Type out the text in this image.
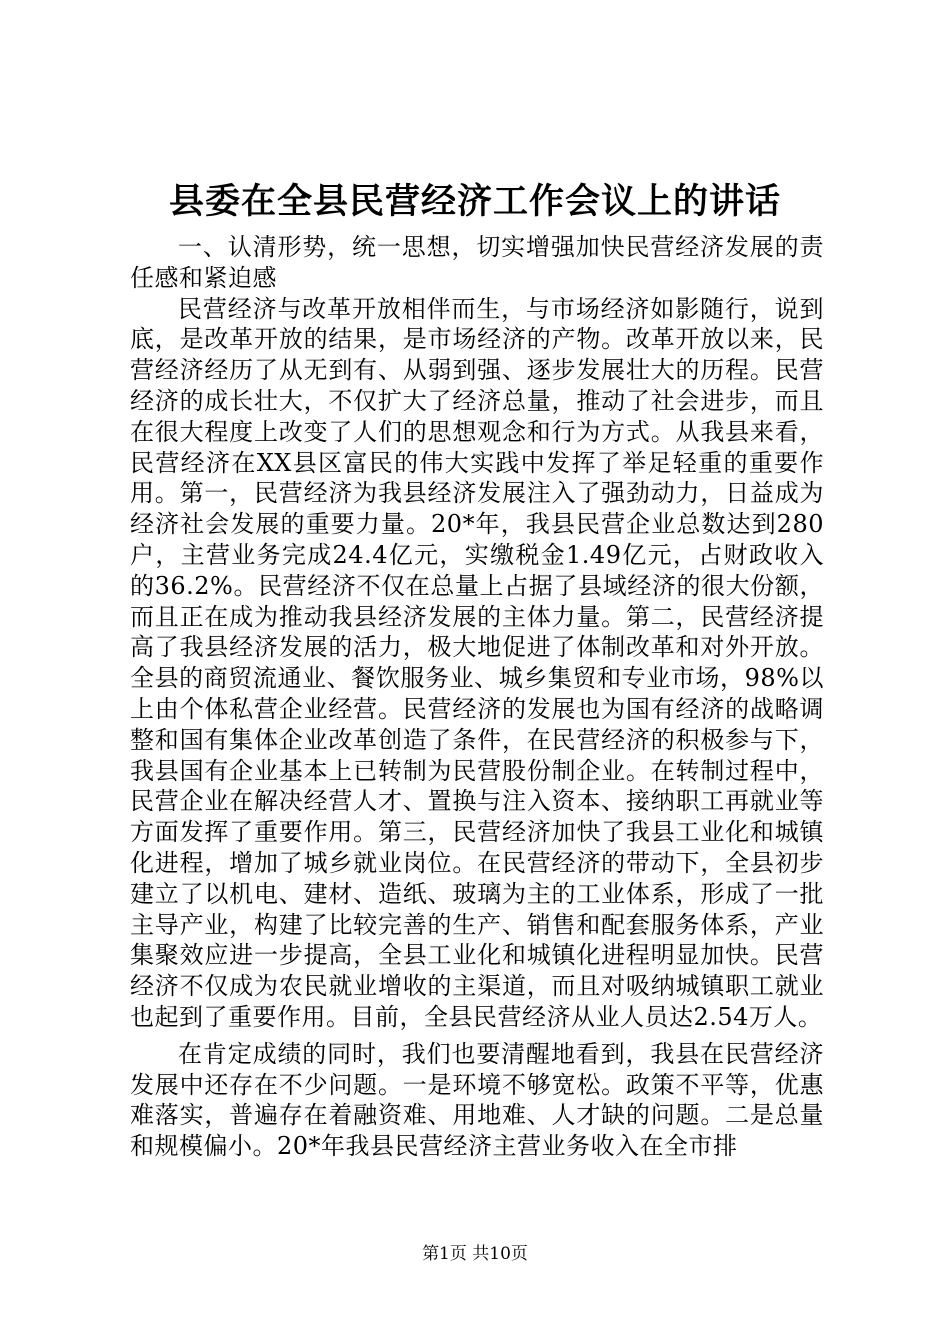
县委在全县民营经济工作会议上的讲话

一、认清形势，统一思想，切实增强加快民营经济发展的责任感和紧迫感

民营经济与改革开放相伴而生，与市场经济如影随行，说到底，是改革开放的结果，是市场经济的产物。改革开放以来，民营经济经历了从无到有、从弱到强、逐步发展壮大的历程。民营经济的成长壮大，不仅扩大了经济总量，推动了社会进步，而且在很大程度上改变了人们的思想观念和行为方式。从我县来看，民营经济在XX县区富民的伟大实践中发挥了举足轻重的重要作用。第一，民营经济为我县经济发展注入了强劲动力，日益成为经济社会发展的重要力量。20*年，我县民营企业总数达到280户，主营业务完成24.4亿元，实缴税金1.49亿元，占财政收入的36.2%。民营经济不仅在总量上占据了县域经济的很大份额，而且正在成为推动我县经济发展的主体力量。第二，民营经济提高了我县经济发展的活力，极大地促进了体制改革和对外开放。全县的商贸流通业、餐饮服务业、城乡集贸和专业市场，98%以上由个体私营企业经营。民营经济的发展也为国有经济的战略调整和国有集体企业改革创造了条件，在民营经济的积极参与下，我县国有企业基本上已转制为民营股份制企业。在转制过程中，民营企业在解决经营人才、置换与注入资本、接纳职工再就业等方面发挥了重要作用。第三，民营经济加快了我县工业化和城镇化进程，增加了城乡就业岗位。在民营经济的带动下，全县初步建立了以机电、建材、造纸、玻璃为主的工业体系，形成了一批主导产业，构建了比较完善的生产、销售和配套服务体系，产业集聚效应进一步提高，全县工业化和城镇化进程明显加快。民营经济不仅成为农民就业增收的主渠道，而且对吸纳城镇职工就业也起到了重要作用。目前，全县民营经济从业人员达2.54万人。

在肯定成绩的同时，我们也要清醒地看到，我县在民营经济发展中还存在不少问题。一是环境不够宽松。政策不平等，优惠难落实，普遍存在着融资难、用地难、人才缺的问题。二是总量和规模偏小。20*年我县民营经济主营业务收入在全市排

第1页 共10页
